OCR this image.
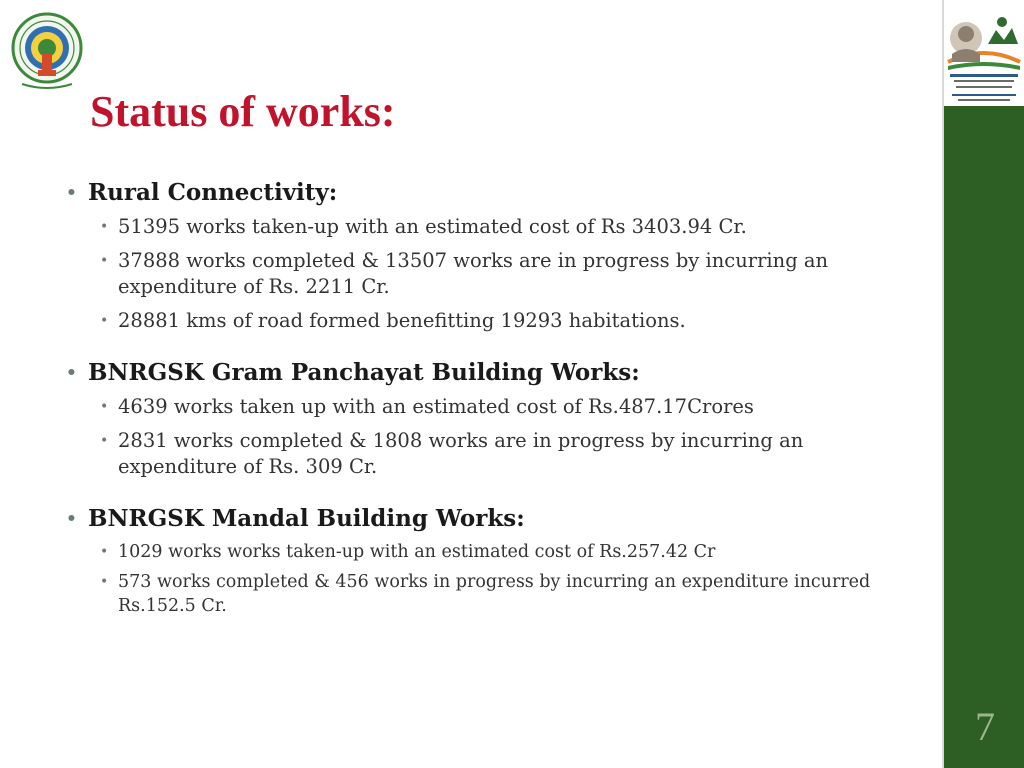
7
Status of works:
• Rural Connectivity:
• 51395 works taken-up with an estimated cost of Rs 3403.94 Cr.
• 37888 works completed & 13507 works are in progress by incurring an expenditure of Rs. 2211 Cr.
• 28881 kms of road formed benefitting 19293 habitations.
• BNRGSK Gram Panchayat Building Works:
• 4639 works taken up with an estimated cost of Rs.487.17Crores
• 2831 works completed & 1808 works are in progress by incurring an expenditure of Rs. 309 Cr.
• BNRGSK Mandal Building Works:
• 1029 works works taken-up with an estimated cost of Rs.257.42 Cr
• 573 works completed & 456 works in progress by incurring an expenditure incurred Rs.152.5 Cr.
